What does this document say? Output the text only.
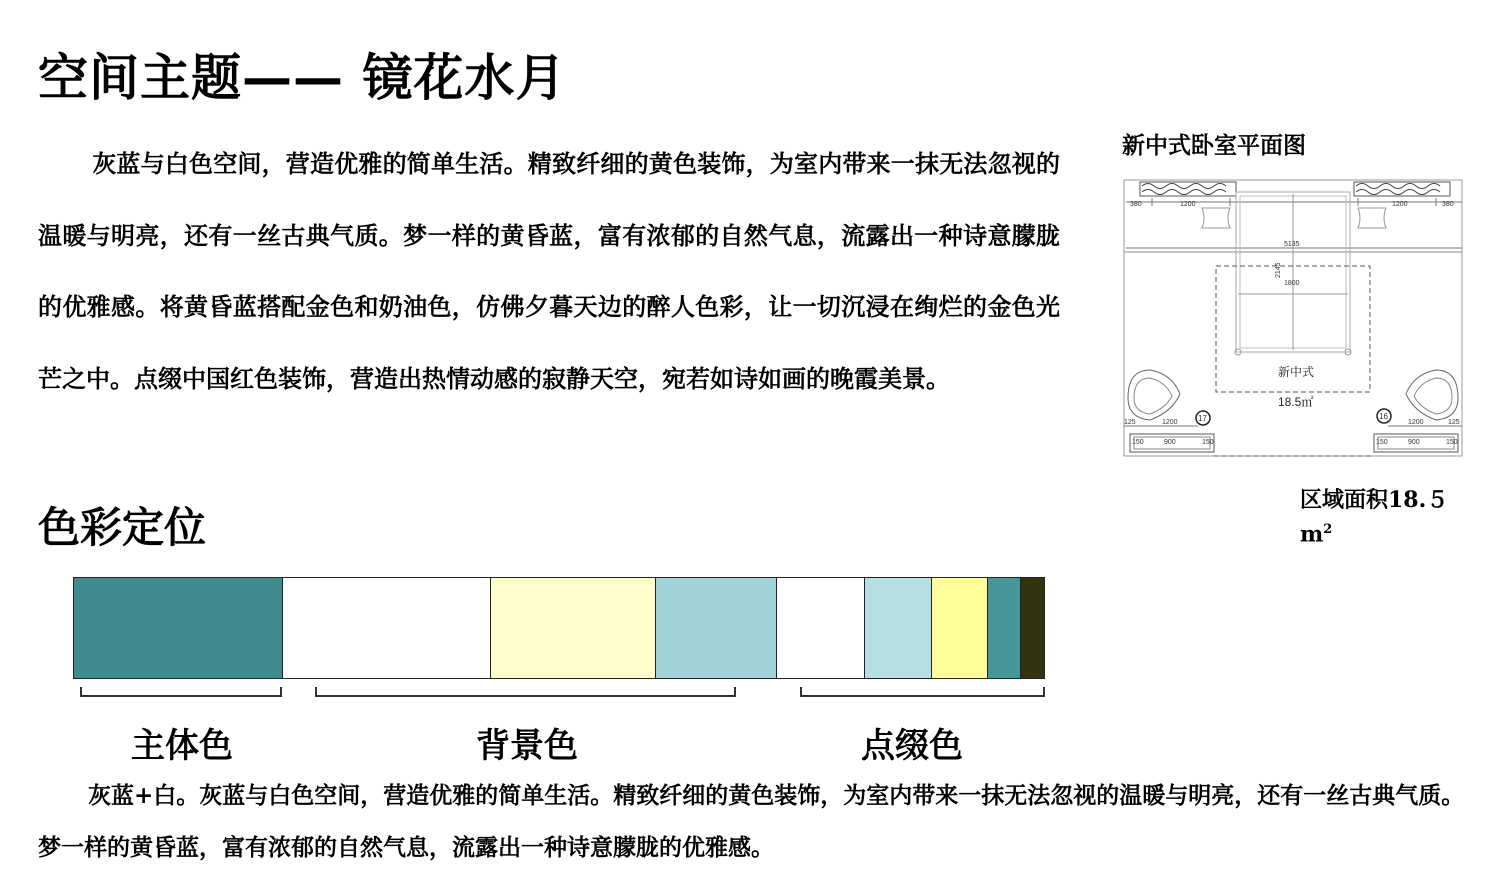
空间主题—— 镜花水月

灰蓝与白色空间，营造优雅的简单生活。精致纤细的黄色装饰，为室内带来一抹无法忽视的温暖与明亮，还有一丝古典气质。梦一样的黄昏蓝，富有浓郁的自然气息，流露出一种诗意朦胧的优雅感。将黄昏蓝搭配金色和奶油色，仿佛夕暮天边的醉人色彩，让一切沉浸在绚烂的金色光芒之中。点缀中国红色装饰，营造出热情动感的寂静天空，宛若如诗如画的晚霞美景。

新中式卧室平面图
380	1200	1200	380
5135
2145
1800
125	1200	1200	125
150	900	150	150	900	150
17	16
新中式
18.5㎡
区域面积18.５
$m^2$
色彩定位
主体色	背景色	点缀色

灰蓝+白。灰蓝与白色空间，营造优雅的简单生活。精致纤细的黄色装饰，为室内带来一抹无法忽视的温暖与明亮，还有一丝古典气质。梦一样的黄昏蓝，富有浓郁的自然气息，流露出一种诗意朦胧的优雅感。
